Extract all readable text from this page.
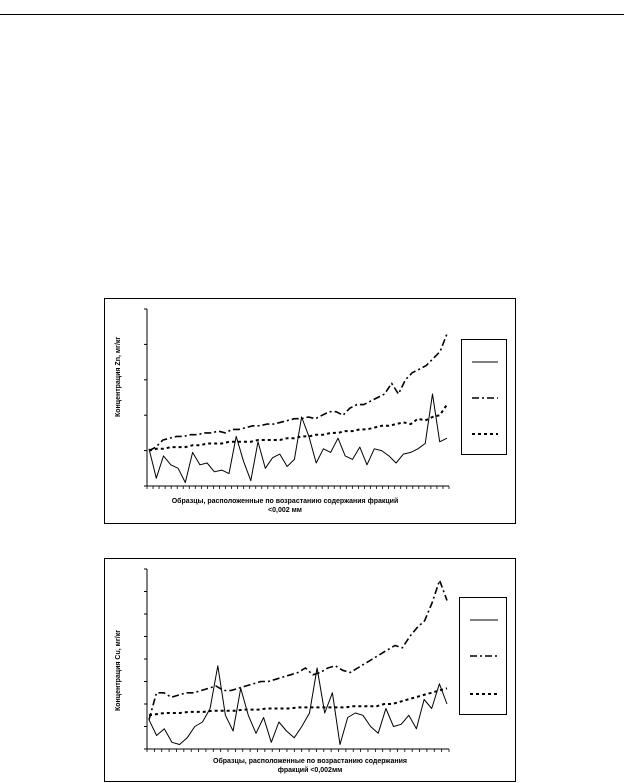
Концентрация Zn, мг/кг
Образцы, расположенные по возрастанию содержания фракций <0,002 мм
Концентрация Cu, мг/кг
Образцы, расположенные по возрастанию содержания фракций <0,002мм
